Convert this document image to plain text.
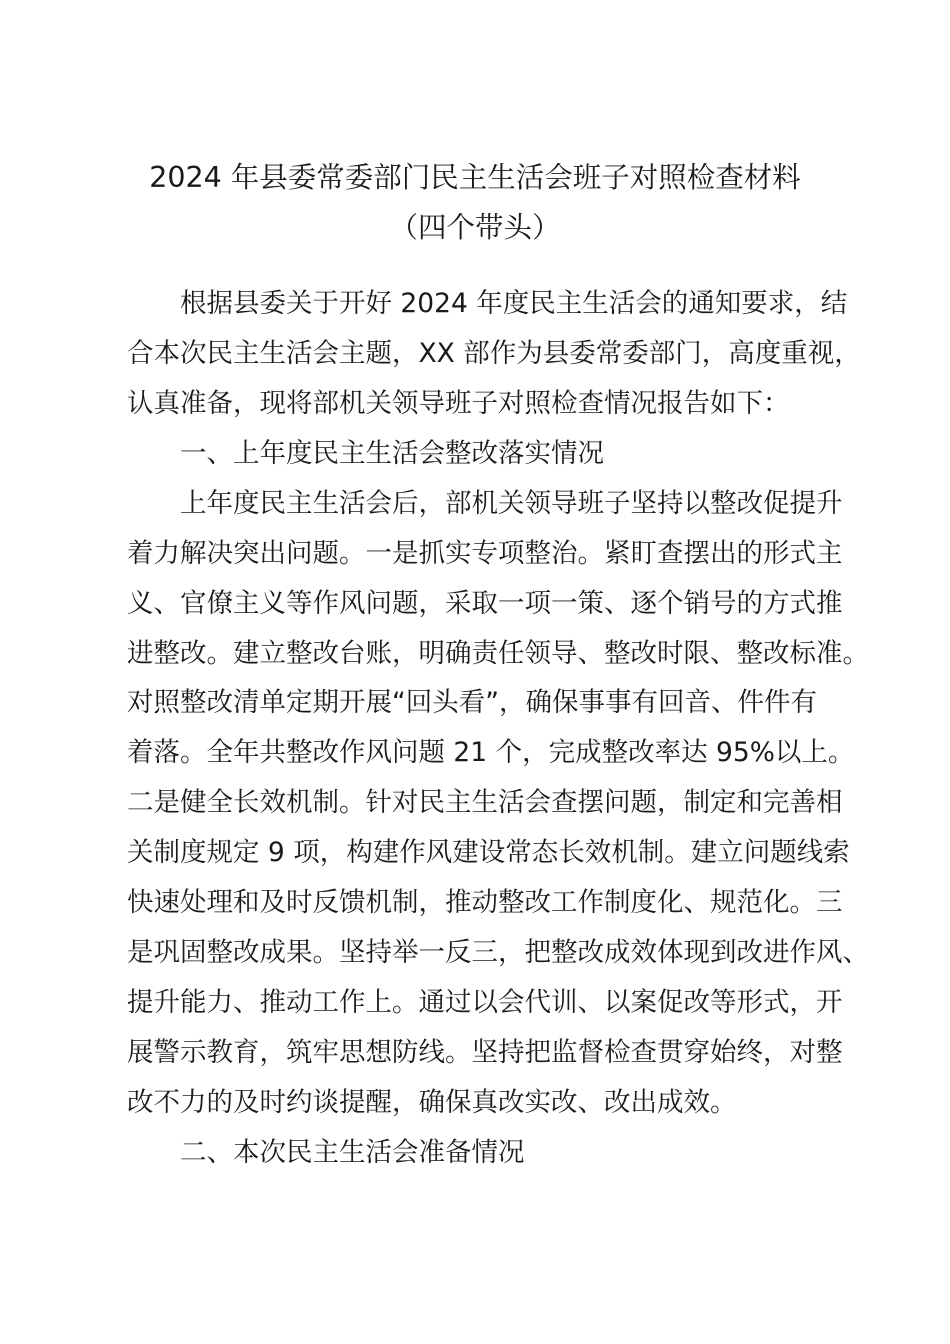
2024 年县委常委部门民主生活会班子对照检查材料
（四个带头）
根据县委关于开好 2024 年度民主生活会的通知要求，结
合本次民主生活会主题，XX 部作为县委常委部门，高度重视，
认真准备，现将部机关领导班子对照检查情况报告如下：
一、上年度民主生活会整改落实情况
上年度民主生活会后，部机关领导班子坚持以整改促提升
着力解决突出问题。一是抓实专项整治。紧盯查摆出的形式主
义、官僚主义等作风问题，采取一项一策、逐个销号的方式推
进整改。建立整改台账，明确责任领导、整改时限、整改标准。
对照整改清单定期开展“回头看”，确保事事有回音、件件有
着落。全年共整改作风问题 21 个，完成整改率达 95%以上。
二是健全长效机制。针对民主生活会查摆问题，制定和完善相
关制度规定 9 项，构建作风建设常态长效机制。建立问题线索
快速处理和及时反馈机制，推动整改工作制度化、规范化。三
是巩固整改成果。坚持举一反三，把整改成效体现到改进作风、
提升能力、推动工作上。通过以会代训、以案促改等形式，开
展警示教育，筑牢思想防线。坚持把监督检查贯穿始终，对整
改不力的及时约谈提醒，确保真改实改、改出成效。
二、本次民主生活会准备情况
